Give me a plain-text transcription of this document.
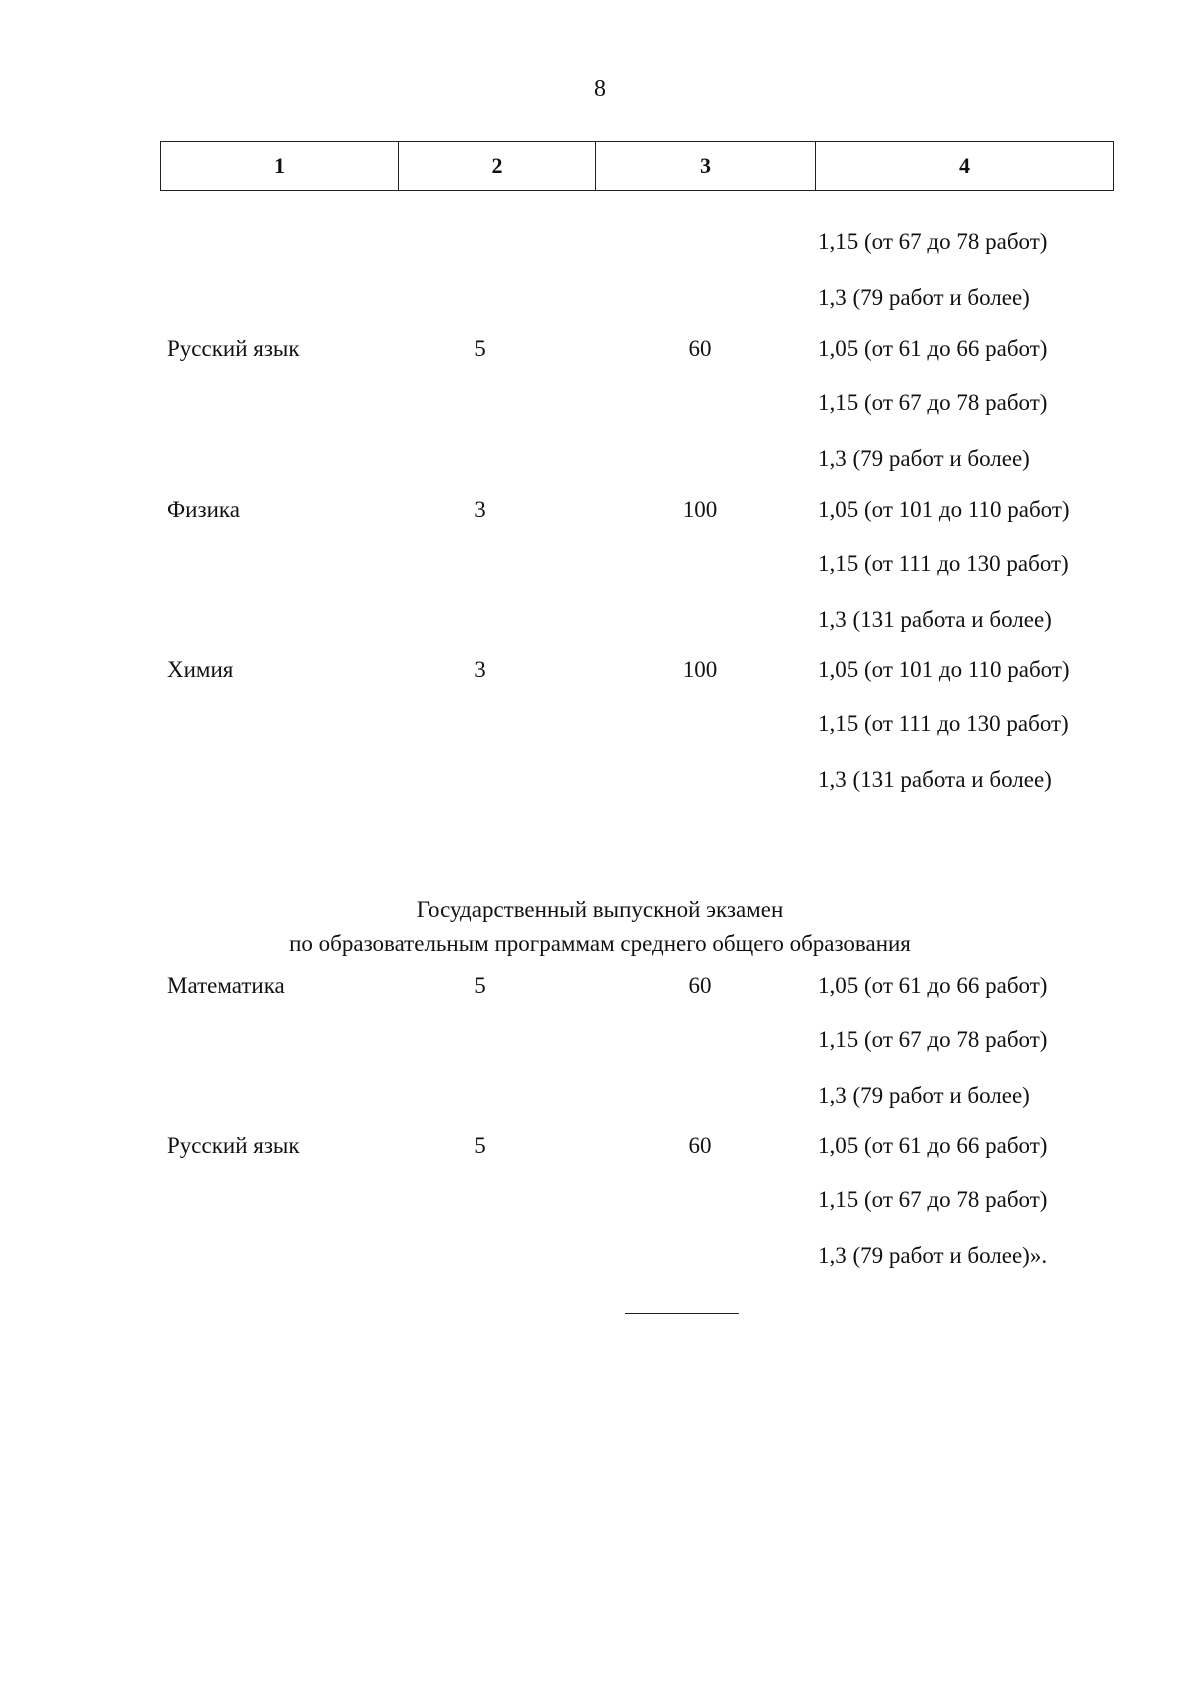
8
1	2	3	4
1,15 (от 67 до 78 работ)
1,3 (79 работ и более)
Русский язык	5	60	1,05 (от 61 до 66 работ)
1,15 (от 67 до 78 работ)
1,3 (79 работ и более)
Физика	3	100	1,05 (от 101 до 110 работ)
1,15 (от 111 до 130 работ)
1,3 (131 работа и более)
Химия	3	100	1,05 (от 101 до 110 работ)
1,15 (от 111 до 130 работ)
1,3 (131 работа и более)
Государственный выпускной экзамен
по образовательным программам среднего общего образования
Математика	5	60	1,05 (от 61 до 66 работ)
1,15 (от 67 до 78 работ)
1,3 (79 работ и более)
Русский язык	5	60	1,05 (от 61 до 66 работ)
1,15 (от 67 до 78 работ)
1,3 (79 работ и более)».
